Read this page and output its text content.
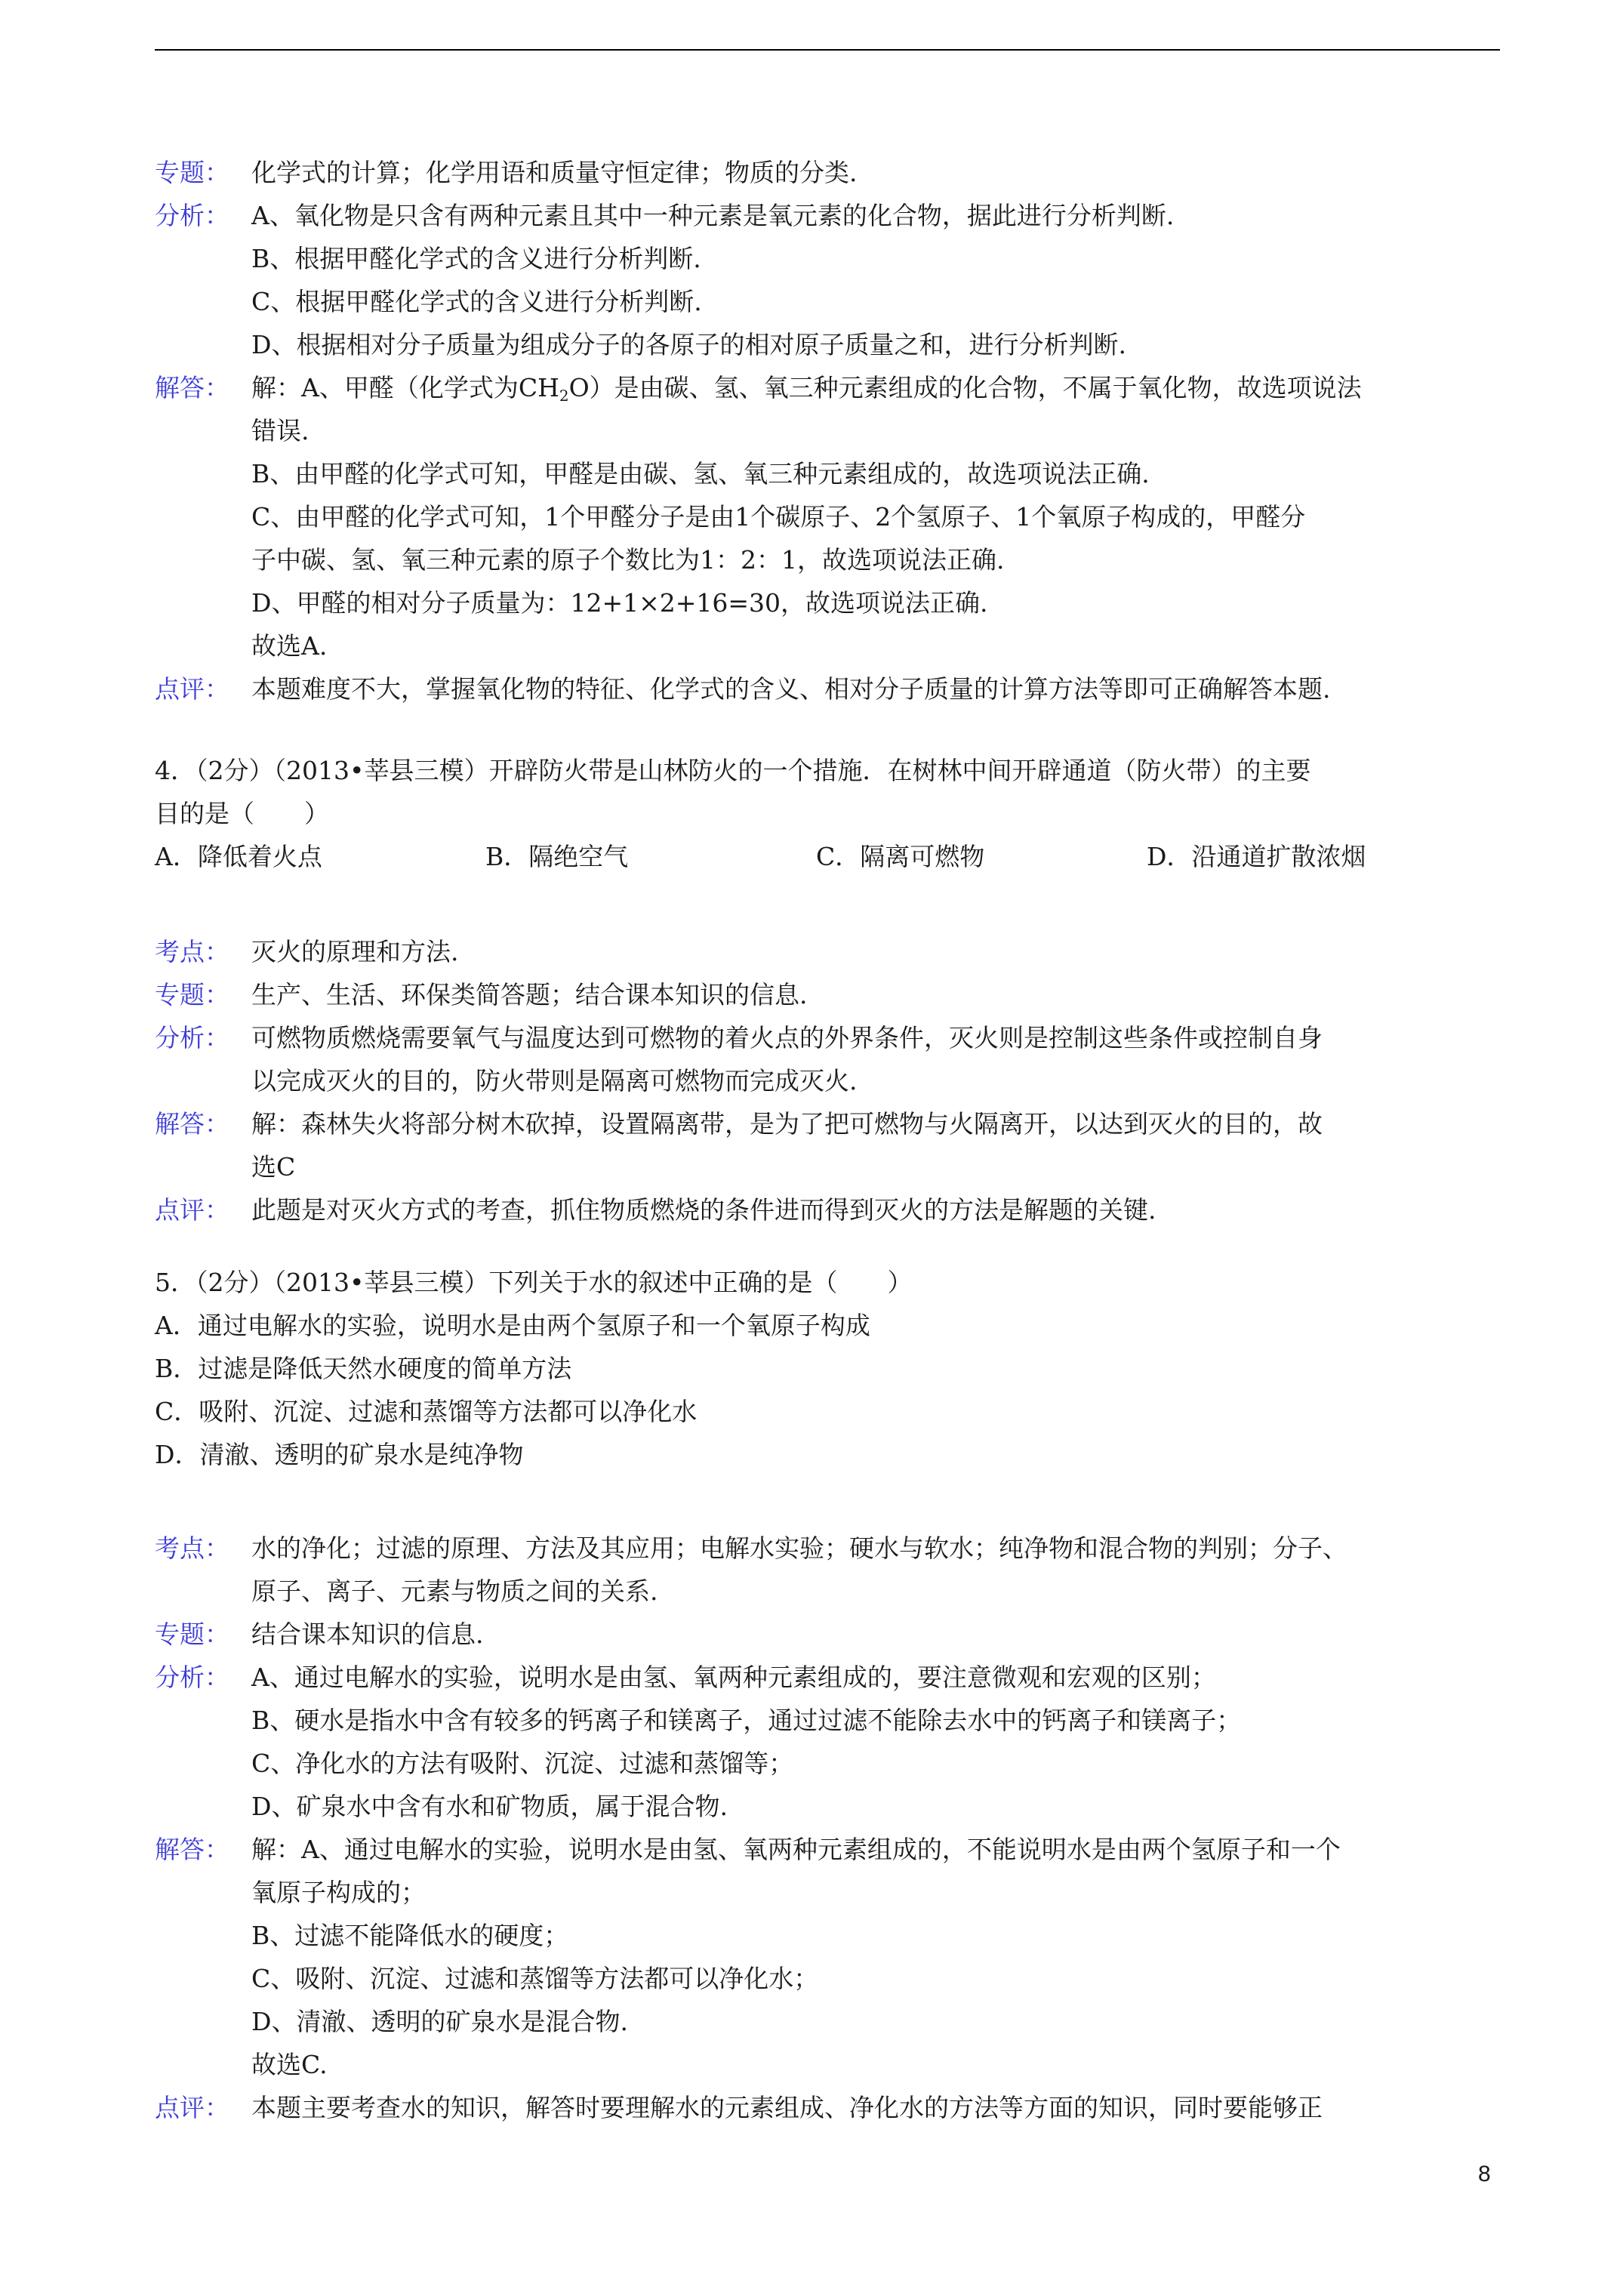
专题： 化学式的计算；化学用语和质量守恒定律；物质的分类.
分析： A、氧化物是只含有两种元素且其中一种元素是氧元素的化合物，据此进行分析判断.
B、根据甲醛化学式的含义进行分析判断.
C、根据甲醛化学式的含义进行分析判断.
D、根据相对分子质量为组成分子的各原子的相对原子质量之和，进行分析判断.
解答： 解：A、甲醛（化学式为$CH_2O$）是由碳、氢、氧三种元素组成的化合物，不属于氧化物，故选项说法
错误.
B、由甲醛的化学式可知，甲醛是由碳、氢、氧三种元素组成的，故选项说法正确.
C、由甲醛的化学式可知，1个甲醛分子是由1个碳原子、2个氢原子、1个氧原子构成的，甲醛分
子中碳、氢、氧三种元素的原子个数比为1：2：1，故选项说法正确.
D、甲醛的相对分子质量为：12+1×2+16=30，故选项说法正确.
故选A.
点评： 本题难度不大，掌握氧化物的特征、化学式的含义、相对分子质量的计算方法等即可正确解答本题.
4．（2分）（2013•莘县三模）开辟防火带是山林防火的一个措施．在树林中间开辟通道（防火带）的主要
目的是（　　）
A．降低着火点	B．隔绝空气	C．隔离可燃物	D．沿通道扩散浓烟
考点： 灭火的原理和方法.
专题： 生产、生活、环保类简答题；结合课本知识的信息.
分析： 可燃物质燃烧需要氧气与温度达到可燃物的着火点的外界条件，灭火则是控制这些条件或控制自身
以完成灭火的目的，防火带则是隔离可燃物而完成灭火.
解答： 解：森林失火将部分树木砍掉，设置隔离带，是为了把可燃物与火隔离开，以达到灭火的目的，故
选C
点评： 此题是对灭火方式的考查，抓住物质燃烧的条件进而得到灭火的方法是解题的关键.
5．（2分）（2013•莘县三模）下列关于水的叙述中正确的是（　　）
A．通过电解水的实验，说明水是由两个氢原子和一个氧原子构成
B．过滤是降低天然水硬度的简单方法
C．吸附、沉淀、过滤和蒸馏等方法都可以净化水
D．清澈、透明的矿泉水是纯净物
考点： 水的净化；过滤的原理、方法及其应用；电解水实验；硬水与软水；纯净物和混合物的判别；分子、
原子、离子、元素与物质之间的关系.
专题： 结合课本知识的信息.
分析： A、通过电解水的实验，说明水是由氢、氧两种元素组成的，要注意微观和宏观的区别；
B、硬水是指水中含有较多的钙离子和镁离子，通过过滤不能除去水中的钙离子和镁离子；
C、净化水的方法有吸附、沉淀、过滤和蒸馏等；
D、矿泉水中含有水和矿物质，属于混合物.
解答： 解：A、通过电解水的实验，说明水是由氢、氧两种元素组成的，不能说明水是由两个氢原子和一个
氧原子构成的；
B、过滤不能降低水的硬度；
C、吸附、沉淀、过滤和蒸馏等方法都可以净化水；
D、清澈、透明的矿泉水是混合物.
故选C.
点评： 本题主要考查水的知识，解答时要理解水的元素组成、净化水的方法等方面的知识，同时要能够正
8
